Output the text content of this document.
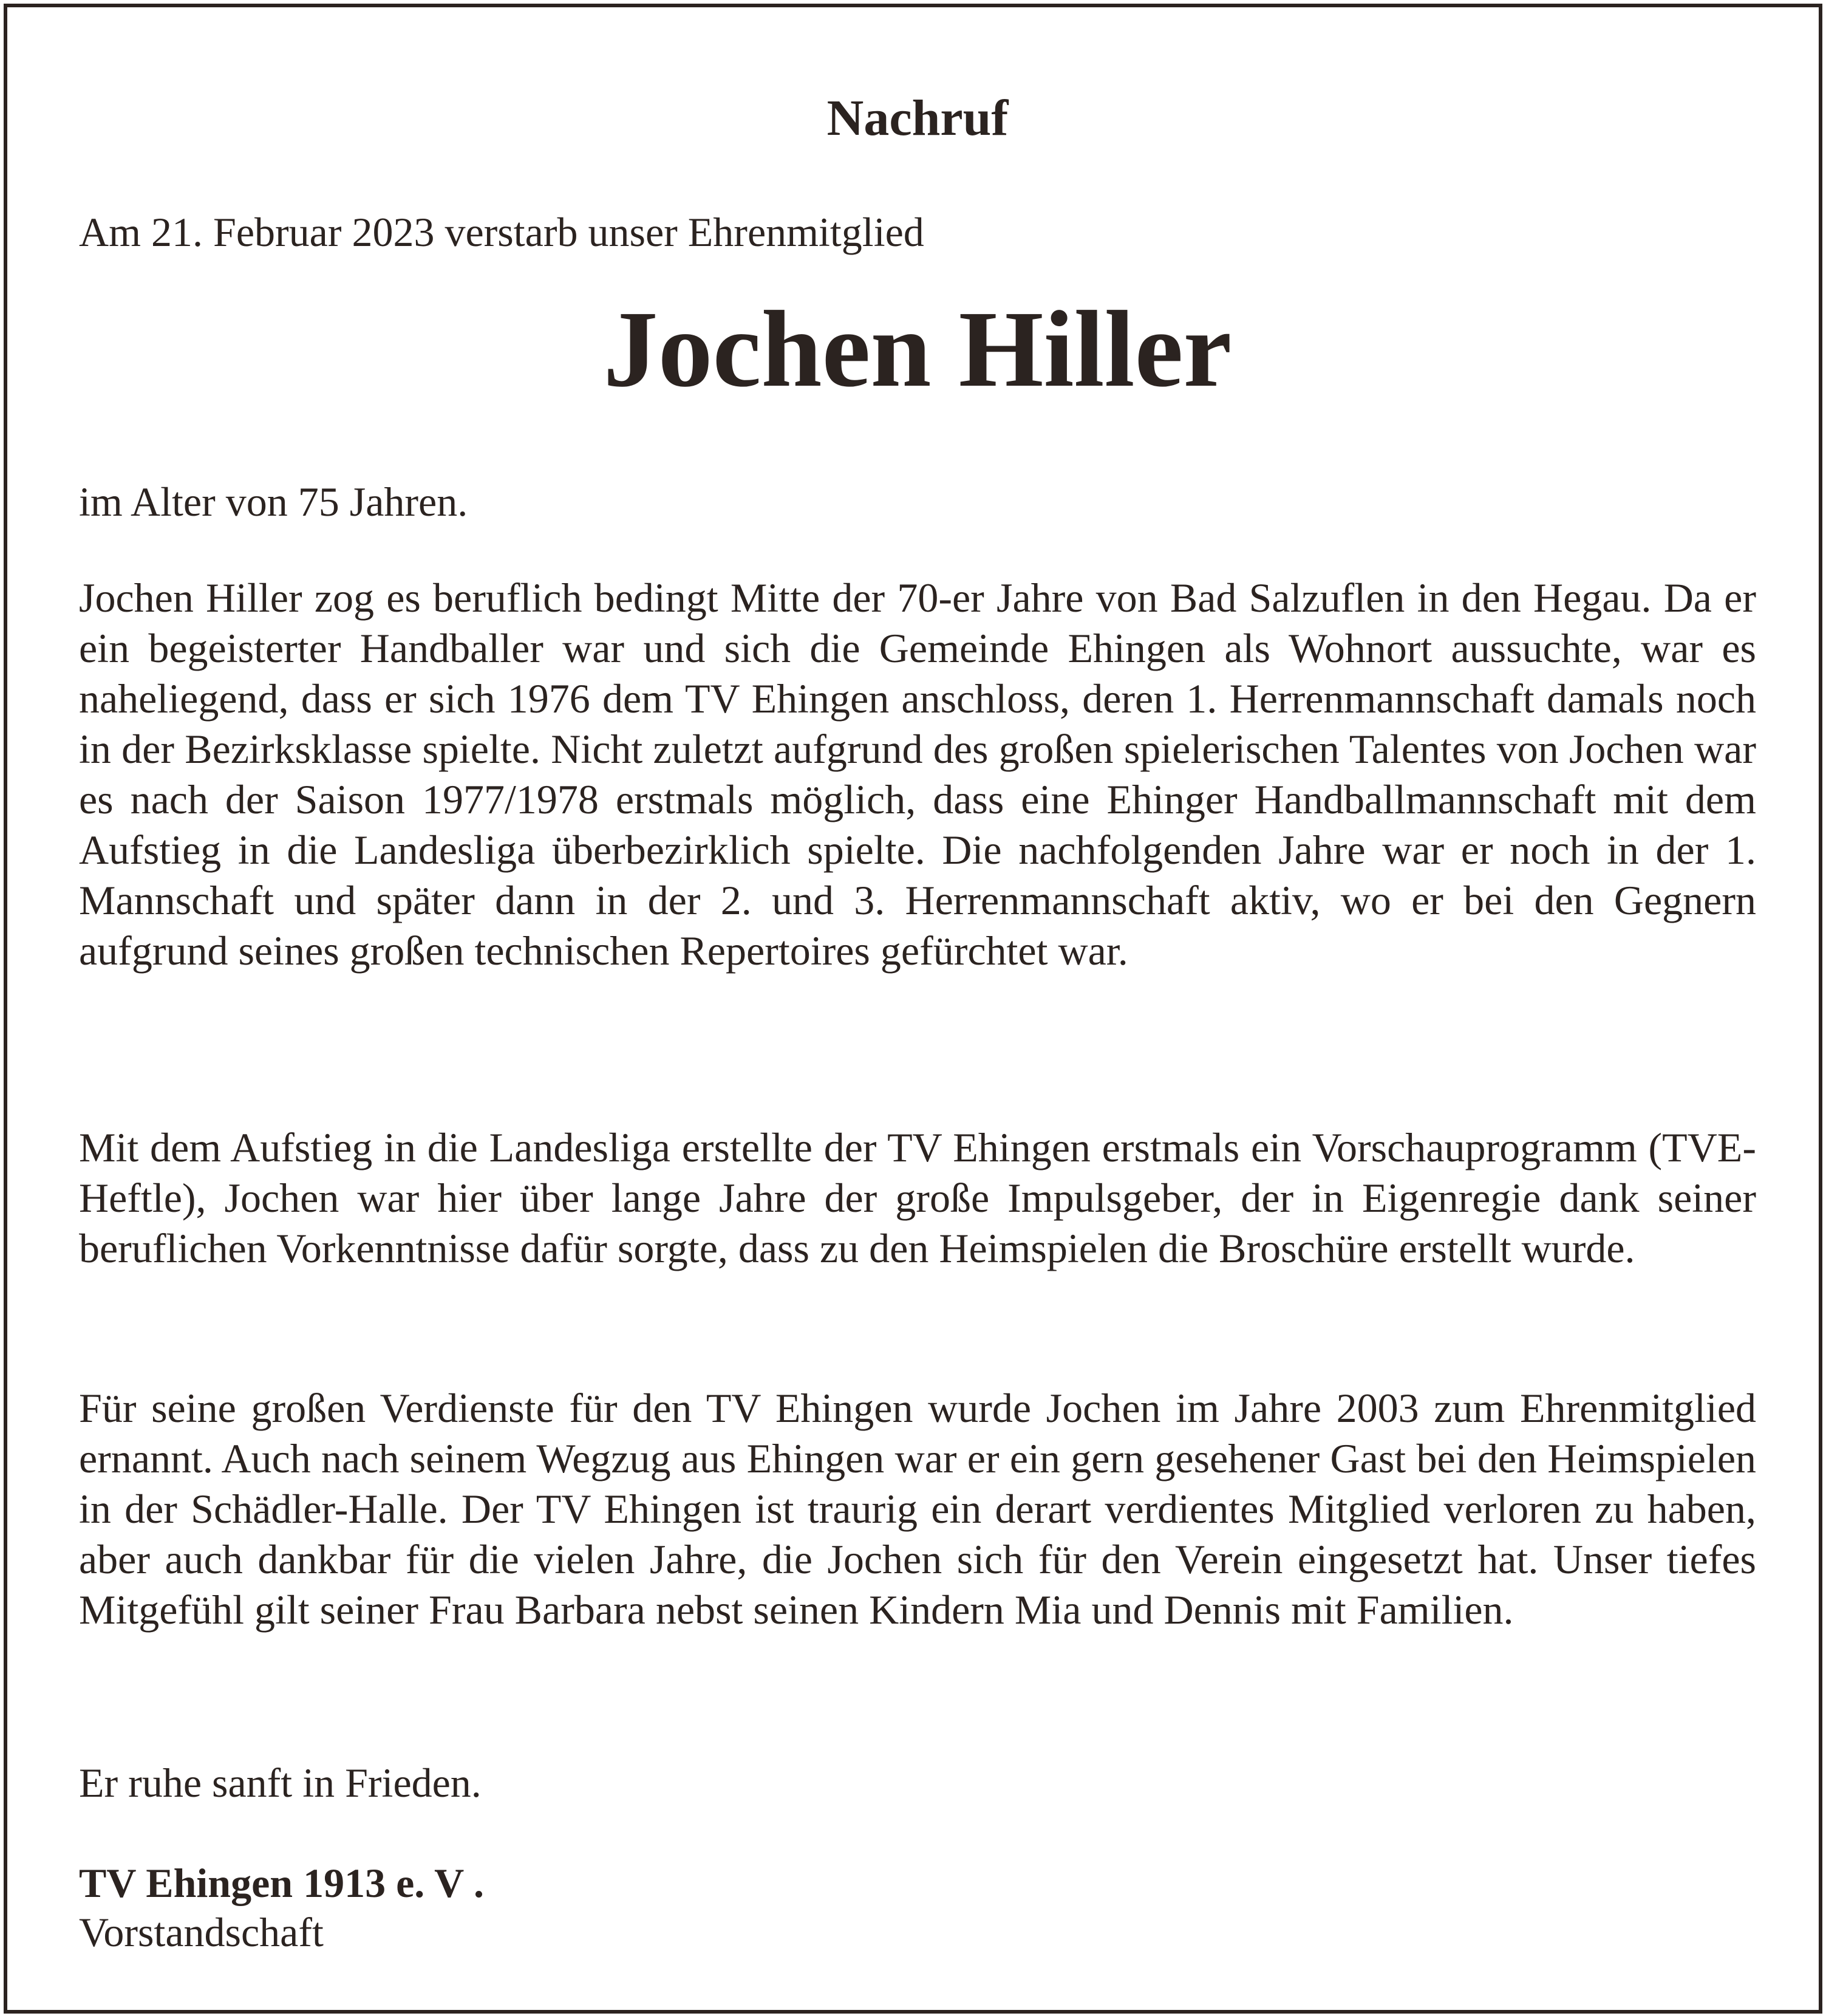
Nachruf

Am 21. Februar 2023 verstarb unser Ehrenmitglied

Jochen Hiller

im Alter von 75 Jahren.

Jochen Hiller zog es beruflich bedingt Mitte der 70-er Jahre von Bad Salzuflen in den Hegau. Da er ein begeisterter Handballer war und sich die Gemeinde Ehingen als Wohnort aussuchte, war es naheliegend, dass er sich 1976 dem TV Ehingen anschloss, deren 1. Herrenmannschaft damals noch in der Bezirksklasse spielte. Nicht zuletzt aufgrund des großen spielerischen Talentes von Jochen war es nach der Saison 1977/1978 erstmals möglich, dass eine Ehinger Handballmannschaft mit dem Aufstieg in die Landesliga überbezirklich spielte. Die nachfolgenden Jahre war er noch in der 1. Mannschaft und später dann in der 2. und 3. Herrenmannschaft aktiv, wo er bei den Gegnern aufgrund seines großen technischen Repertoires gefürchtet war.

Mit dem Aufstieg in die Landesliga erstellte der TV Ehingen erstmals ein Vorschauprogramm (TVE-Heftle), Jochen war hier über lange Jahre der große Impulsgeber, der in Eigenregie dank seiner beruflichen Vorkenntnisse dafür sorgte, dass zu den Heimspielen die Broschüre erstellt wurde.

Für seine großen Verdienste für den TV Ehingen wurde Jochen im Jahre 2003 zum Ehrenmitglied ernannt. Auch nach seinem Wegzug aus Ehingen war er ein gern gesehener Gast bei den Heimspielen in der Schädler-Halle. Der TV Ehingen ist traurig ein derart verdientes Mitglied verloren zu haben, aber auch dankbar für die vielen Jahre, die Jochen sich für den Verein eingesetzt hat. Unser tiefes Mitgefühl gilt seiner Frau Barbara nebst seinen Kindern Mia und Dennis mit Familien.

Er ruhe sanft in Frieden.

TV Ehingen 1913 e. V .

Vorstandschaft
